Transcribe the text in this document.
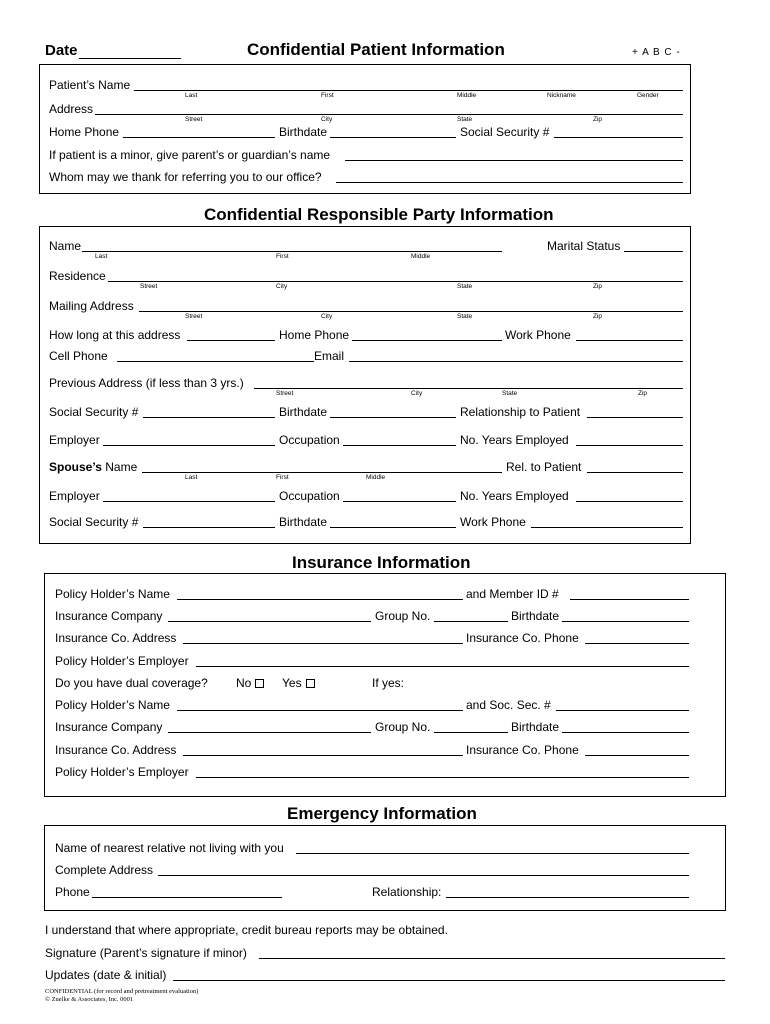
Date	Confidential Patient Information	+ A B C -
Patient’s Name
Last	First	Middle	Nickname	Gender
Address
Street	City	State	Zip
Home Phone	Birthdate	Social Security #
If patient is a minor, give parent’s or guardian’s name
Whom may we thank for referring you to our office?
Confidential Responsible Party Information
Name
Last	First	Middle
Marital Status
Residence
Street	City	State	Zip
Mailing Address
Street	City	State	Zip
How long at this address	Home Phone	Work Phone
Cell Phone	Email
Previous Address (if less than 3 yrs.)
Street	City	State	Zip
Social Security #	Birthdate	Relationship to Patient
Employer	Occupation	No. Years Employed
Spouse’s Name
Last	First	Middle
Rel. to Patient
Employer	Occupation	No. Years Employed
Social Security #	Birthdate	Work Phone
Insurance Information
Policy Holder’s Name	and Member ID #
Insurance Company	Group No.	Birthdate
Insurance Co. Address	Insurance Co. Phone
Policy Holder’s Employer
Do you have dual coverage? No	Yes	If yes:
Policy Holder’s Name	and Soc. Sec. #
Insurance Company	Group No.	Birthdate
Insurance Co. Address	Insurance Co. Phone
Policy Holder’s Employer
Emergency Information
Name of nearest relative not living with you
Complete Address
Phone	Relationship:
I understand that where appropriate, credit bureau reports may be obtained.
Signature (Parent’s signature if minor)
Updates (date & initial)
CONFIDENTIAL (for record and pretreatment evaluation)
© Zuelke & Associates, Inc. 0001
